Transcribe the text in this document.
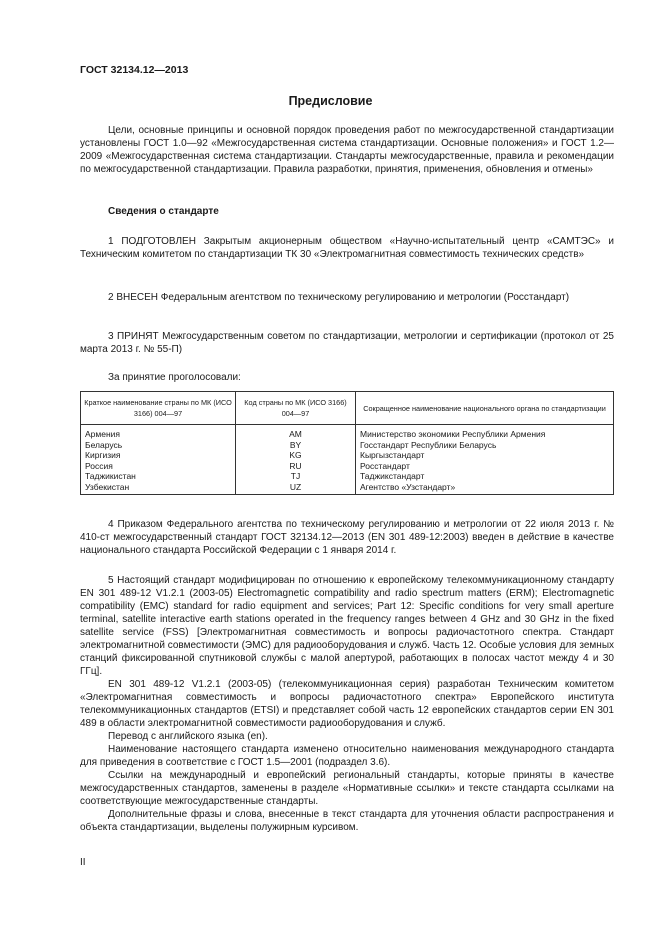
ГОСТ 32134.12—2013
Предисловие

Цели, основные принципы и основной порядок проведения работ по межгосударственной стандартизации установлены ГОСТ 1.0—92 «Межгосударственная система стандартизации. Основные положения» и ГОСТ 1.2—2009 «Межгосударственная система стандартизации. Стандарты межгосударственные, правила и рекомендации по межгосударственной стандартизации. Правила разработки, принятия, применения, обновления и отмены»

Сведения о стандарте

1 ПОДГОТОВЛЕН Закрытым акционерным обществом «Научно-испытательный центр «САМТЭС» и Техническим комитетом по стандартизации ТК 30 «Электромагнитная совместимость технических средств»

2 ВНЕСЕН Федеральным агентством по техническому регулированию и метрологии (Росстандарт)

3 ПРИНЯТ Межгосударственным советом по стандартизации, метрологии и сертификации (протокол от 25 марта 2013 г. № 55-П)

За принятие проголосовали:
Краткое наименование страны по МК (ИСО 3166) 004—97	Код страны по МК (ИСО 3166) 004—97	Сокращенное наименование национального органа по стандартизации
Армения	AM	Министерство экономики Республики Армения
Беларусь	BY	Госстандарт Республики Беларусь
Киргизия	KG	Кыргызстандарт
Россия	RU	Росстандарт
Таджикистан	TJ	Таджикстандарт
Узбекистан	UZ	Агентство «Узстандарт»

4 Приказом Федерального агентства по техническому регулированию и метрологии от 22 июля 2013 г. № 410-ст межгосударственный стандарт ГОСТ 32134.12—2013 (EN 301 489-12:2003) введен в действие в качестве национального стандарта Российской Федерации с 1 января 2014 г.

5 Настоящий стандарт модифицирован по отношению к европейскому телекоммуникационному стандарту EN 301 489-12 V1.2.1 (2003-05) Electromagnetic compatibility and radio spectrum matters (ERM); Electromagnetic compatibility (EMC) standard for radio equipment and services; Part 12: Specific conditions for very small aperture terminal, satellite interactive earth stations operated in the frequency ranges between 4 GHz and 30 GHz in the fixed satellite service (FSS) [Электромагнитная совместимость и вопросы радиочастотного спектра. Стандарт электромагнитной совместимости (ЭМС) для радиооборудования и служб. Часть 12. Особые условия для земных станций фиксированной спутниковой службы с малой апертурой, работающих в полосах частот между 4 и 30 ГГц].

EN 301 489-12 V1.2.1 (2003-05) (телекоммуникационная серия) разработан Техническим комитетом «Электромагнитная совместимость и вопросы радиочастотного спектра» Европейского института телекоммуникационных стандартов (ETSI) и представляет собой часть 12 европейских стандартов серии EN 301 489 в области электромагнитной совместимости радиооборудования и служб.

Перевод с английского языка (en).

Наименование настоящего стандарта изменено относительно наименования международного стандарта для приведения в соответствие с ГОСТ 1.5—2001 (подраздел 3.6).

Ссылки на международный и европейский региональный стандарты, которые приняты в качестве межгосударственных стандартов, заменены в разделе «Нормативные ссылки» и тексте стандарта ссылками на соответствующие межгосударственные стандарты.

Дополнительные фразы и слова, внесенные в текст стандарта для уточнения области распространения и объекта стандартизации, выделены полужирным курсивом.

II
